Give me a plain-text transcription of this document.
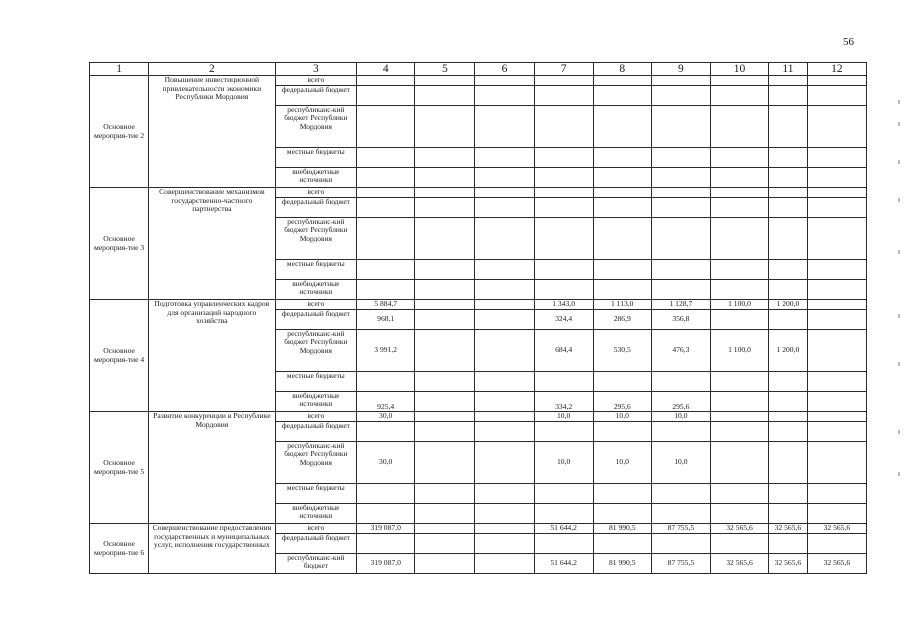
56
1	2	3	4	5	6	7	8	9	10	11	12
Основное мероприя-тие 2	Повышение инвестиционной привлекательности экономики Республики Мордовия	всего									
		федеральный бюджет									
		республиканс-кий бюджет Республики Мордовия									
		местные бюджеты									
		внебюджетные источники									
Основное мероприя-тие 3	Совершенствование механизмов государственно-частного партнерства	всего									
		федеральный бюджет									
		республиканс-кий бюджет Республики Мордовия									
		местные бюджеты									
		внебюджетные источники									
Основное мероприя-тие 4	Подготовка управленческих кадров для организаций народного хозяйства	всего	5 884,7			1 343,0	1 113,0	1 128,7	1 100,0	1 200,0	
		федеральный бюджет	968,1			324,4	286,9	356,8			
		республиканс-кий бюджет Республики Мордовия	3 991,2			684,4	530,5	476,3	1 100,0	1 200,0	
		местные бюджеты									
		внебюджетные источники	925,4			334,2	295,6	295,6			
Основное мероприя-тие 5	Развитие конкуренции в Республике Мордовия	всего	30,0			10,0	10,0	10,0			
		федеральный бюджет									
		республиканс-кий бюджет Республики Мордовия	30,0			10,0	10,0	10,0			
		местные бюджеты									
		внебюджетные источники									
Основное мероприя-тие 6	Совершенствование предоставления государственных и муниципальных услуг, исполнения государственных	всего	319 087,0			51 644,2	81 990,5	87 755,5	32 565,6	32 565,6	32 565,6
		федеральный бюджет									
		республиканс-кий бюджет	319 087,0			51 644,2	81 990,5	87 755,5	32 565,6	32 565,6	32 565,6
